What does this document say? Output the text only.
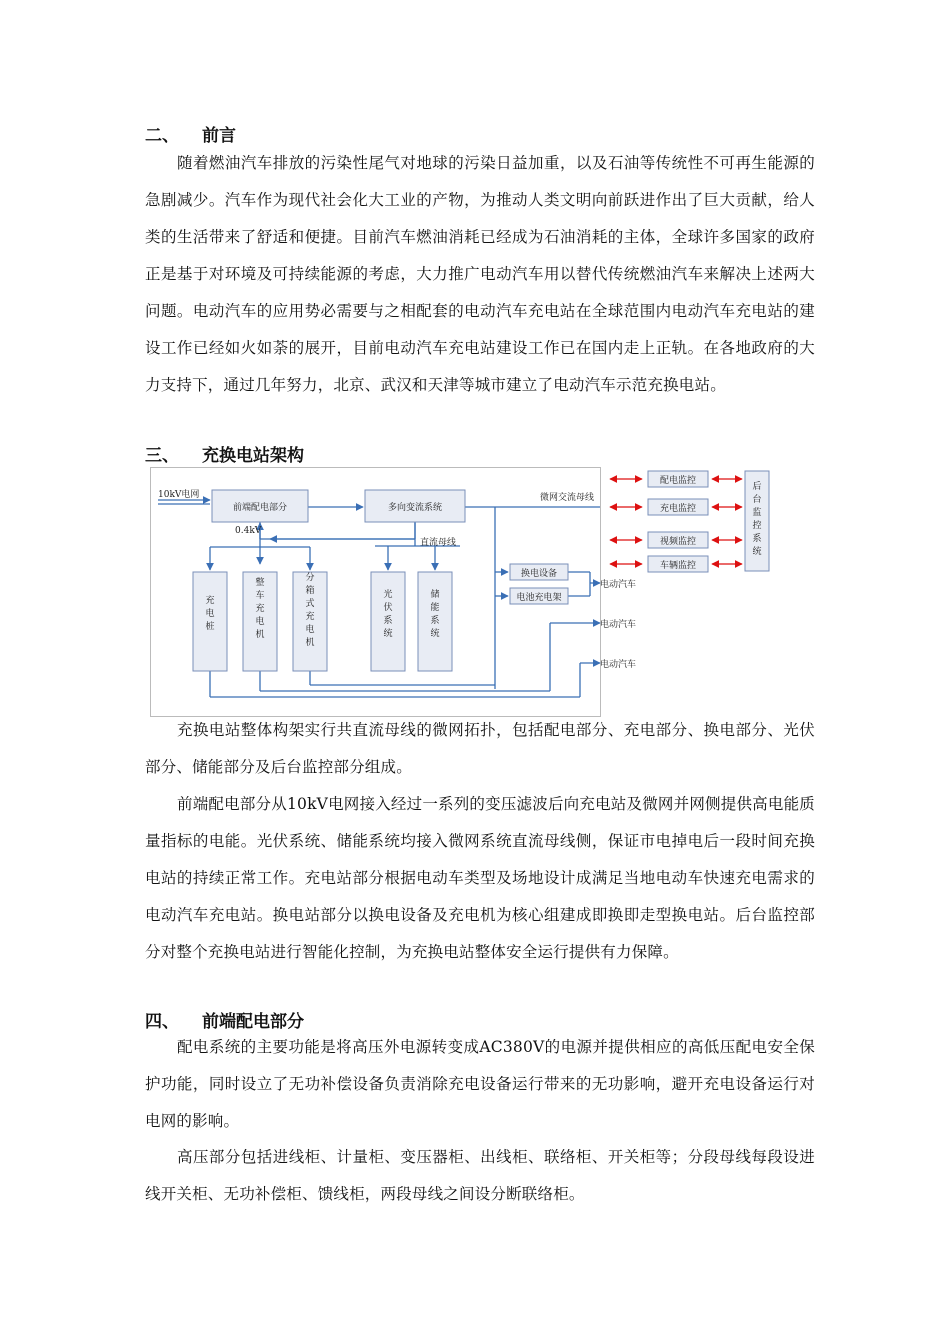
二、 前言

随着燃油汽车排放的污染性尾气对地球的污染日益加重，以及石油等传统性不可再生能源的急剧减少。汽车作为现代社会化大工业的产物，为推动人类文明向前跃进作出了巨大贡献，给人类的生活带来了舒适和便捷。目前汽车燃油消耗已经成为石油消耗的主体，全球许多国家的政府正是基于对环境及可持续能源的考虑，大力推广电动汽车用以替代传统燃油汽车来解决上述两大问题。电动汽车的应用势必需要与之相配套的电动汽车充电站在全球范围内电动汽车充电站的建设工作已经如火如荼的展开，目前电动汽车充电站建设工作已在国内走上正轨。在各地政府的大力支持下，通过几年努力，北京、武汉和天津等城市建立了电动汽车示范充换电站。

三、 充换电站架构
10kV电网
前端配电部分
0.4kV
多向变流系统
微网交流母线
直流母线
换电设备
电池充电架
电动汽车
电动汽车
电动汽车
配电监控
充电监控
视频监控
车辆监控
充电桩
整车充电机
分箱式充电机
光伏系统
储能系统
后台监控系统

充换电站整体构架实行共直流母线的微网拓扑，包括配电部分、充电部分、换电部分、光伏部分、储能部分及后台监控部分组成。

前端配电部分从10kV电网接入经过一系列的变压滤波后向充电站及微网并网侧提供高电能质量指标的电能。光伏系统、储能系统均接入微网系统直流母线侧，保证市电掉电后一段时间充换电站的持续正常工作。充电站部分根据电动车类型及场地设计成满足当地电动车快速充电需求的电动汽车充电站。换电站部分以换电设备及充电机为核心组建成即换即走型换电站。后台监控部分对整个充换电站进行智能化控制，为充换电站整体安全运行提供有力保障。

四、 前端配电部分

配电系统的主要功能是将高压外电源转变成AC380V的电源并提供相应的高低压配电安全保护功能，同时设立了无功补偿设备负责消除充电设备运行带来的无功影响，避开充电设备运行对电网的影响。

高压部分包括进线柜、计量柜、变压器柜、出线柜、联络柜、开关柜等；分段母线每段设进线开关柜、无功补偿柜、馈线柜，两段母线之间设分断联络柜。
